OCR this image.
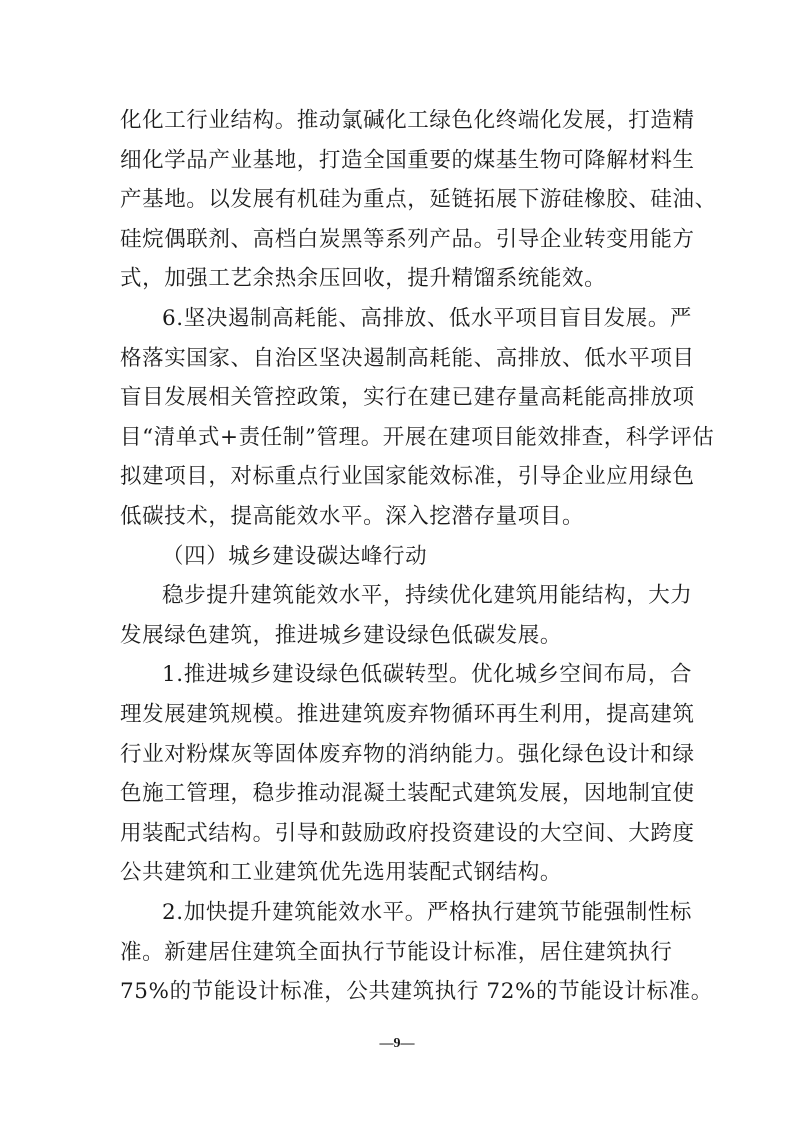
化化工行业结构。推动氯碱化工绿色化终端化发展，打造精
细化学品产业基地，打造全国重要的煤基生物可降解材料生
产基地。以发展有机硅为重点，延链拓展下游硅橡胶、硅油、
硅烷偶联剂、高档白炭黑等系列产品。引导企业转变用能方
式，加强工艺余热余压回收，提升精馏系统能效。
6.坚决遏制高耗能、高排放、低水平项目盲目发展。严
格落实国家、自治区坚决遏制高耗能、高排放、低水平项目
盲目发展相关管控政策，实行在建已建存量高耗能高排放项
目“清单式+责任制”管理。开展在建项目能效排查，科学评估
拟建项目，对标重点行业国家能效标准，引导企业应用绿色
低碳技术，提高能效水平。深入挖潜存量项目。
（四）城乡建设碳达峰行动
稳步提升建筑能效水平，持续优化建筑用能结构，大力
发展绿色建筑，推进城乡建设绿色低碳发展。
1.推进城乡建设绿色低碳转型。优化城乡空间布局，合
理发展建筑规模。推进建筑废弃物循环再生利用，提高建筑
行业对粉煤灰等固体废弃物的消纳能力。强化绿色设计和绿
色施工管理，稳步推动混凝土装配式建筑发展，因地制宜使
用装配式结构。引导和鼓励政府投资建设的大空间、大跨度
公共建筑和工业建筑优先选用装配式钢结构。
2.加快提升建筑能效水平。严格执行建筑节能强制性标
准。新建居住建筑全面执行节能设计标准，居住建筑执行
75%的节能设计标准，公共建筑执行 72%的节能设计标准。
—9—
